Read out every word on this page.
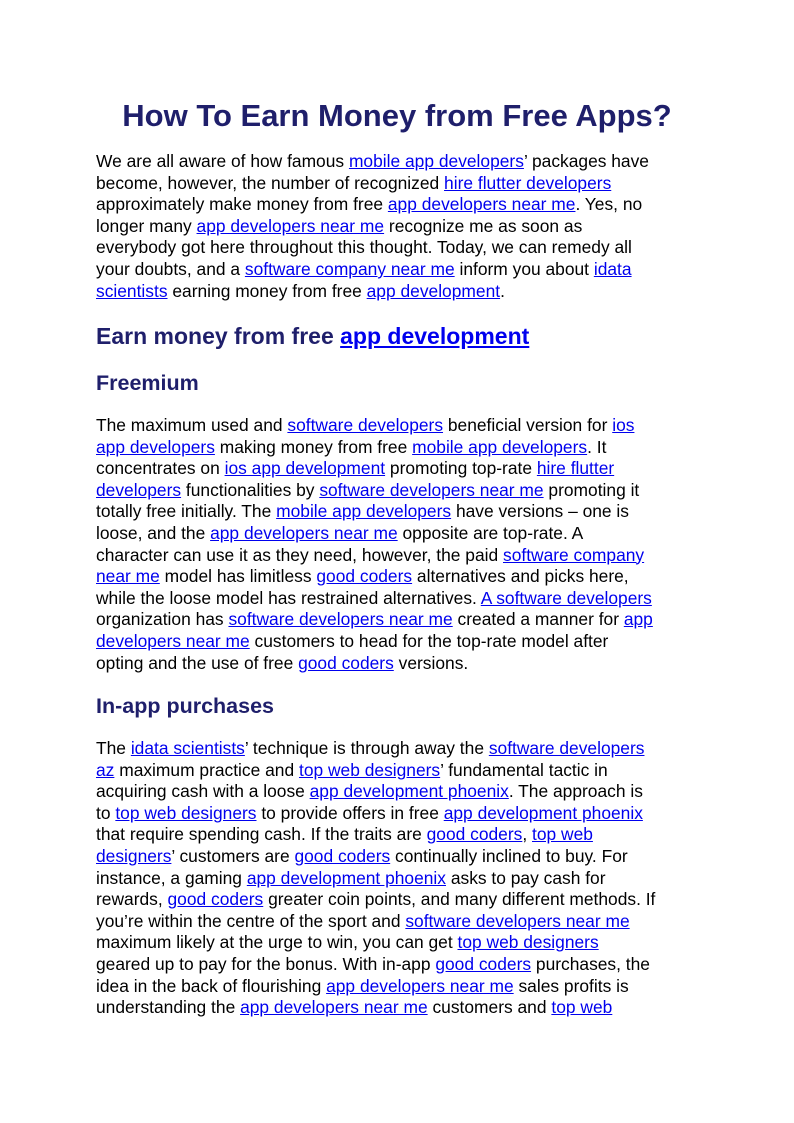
How To Earn Money from Free Apps?
We are all aware of how famous mobile app developers’ packages have
become, however, the number of recognized hire flutter developers
approximately make money from free app developers near me. Yes, no
longer many app developers near me recognize me as soon as
everybody got here throughout this thought. Today, we can remedy all
your doubts, and a software company near me inform you about idata
scientists earning money from free app development.
Earn money from free app development
Freemium
The maximum used and software developers beneficial version for ios
app developers making money from free mobile app developers. It
concentrates on ios app development promoting top-rate hire flutter
developers functionalities by software developers near me promoting it
totally free initially. The mobile app developers have versions – one is
loose, and the app developers near me opposite are top-rate. A
character can use it as they need, however, the paid software company
near me model has limitless good coders alternatives and picks here,
while the loose model has restrained alternatives. A software developers
organization has software developers near me created a manner for app
developers near me customers to head for the top-rate model after
opting and the use of free good coders versions.
In-app purchases
The idata scientists’ technique is through away the software developers
az maximum practice and top web designers’ fundamental tactic in
acquiring cash with a loose app development phoenix. The approach is
to top web designers to provide offers in free app development phoenix
that require spending cash. If the traits are good coders, top web
designers’ customers are good coders continually inclined to buy. For
instance, a gaming app development phoenix asks to pay cash for
rewards, good coders greater coin points, and many different methods. If
you’re within the centre of the sport and software developers near me
maximum likely at the urge to win, you can get top web designers
geared up to pay for the bonus. With in-app good coders purchases, the
idea in the back of flourishing app developers near me sales profits is
understanding the app developers near me customers and top web
